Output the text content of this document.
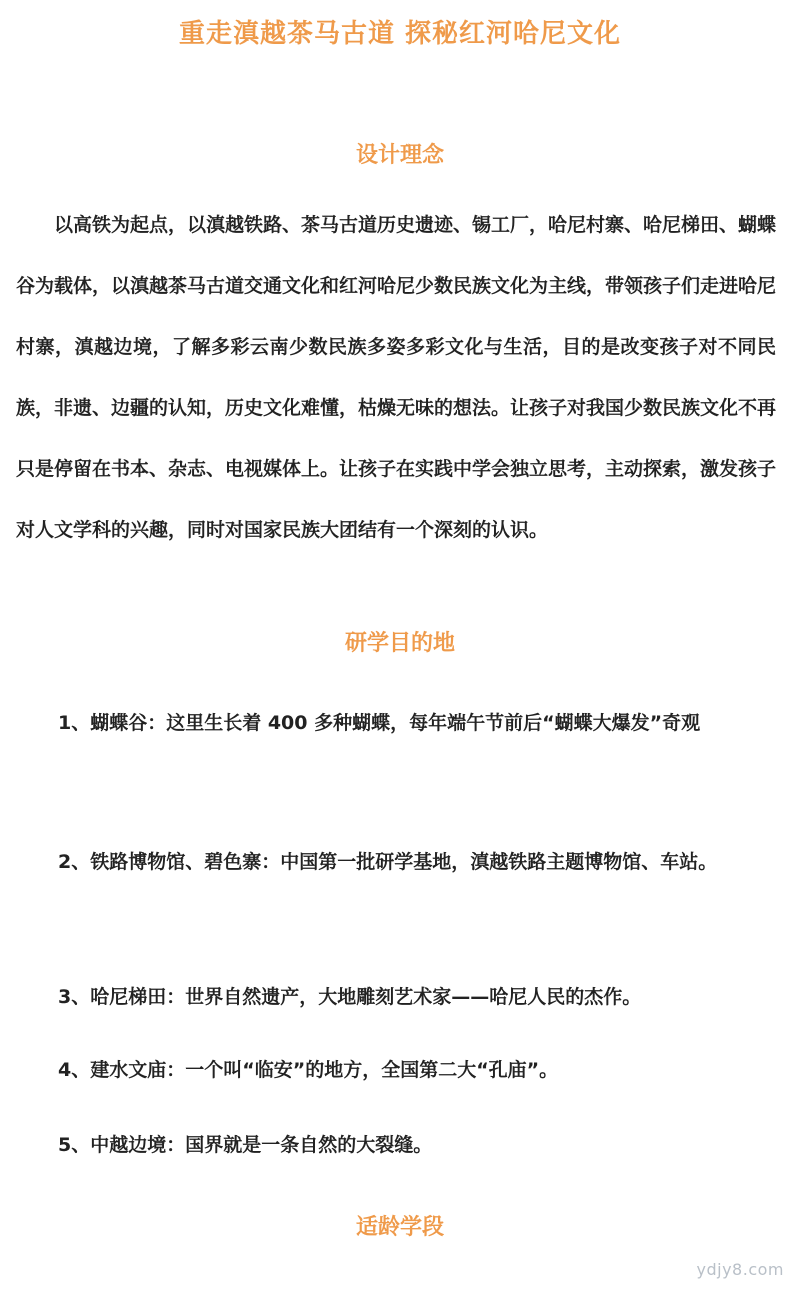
重走滇越茶马古道 探秘红河哈尼文化
设计理念

以高铁为起点，以滇越铁路、茶马古道历史遗迹、锡工厂，哈尼村寨、哈尼梯田、蝴蝶谷为载体，以滇越茶马古道交通文化和红河哈尼少数民族文化为主线，带领孩子们走进哈尼村寨，滇越边境，了解多彩云南少数民族多姿多彩文化与生活，目的是改变孩子对不同民族，非遗、边疆的认知，历史文化难懂，枯燥无味的想法。让孩子对我国少数民族文化不再只是停留在书本、杂志、电视媒体上。让孩子在实践中学会独立思考，主动探索，激发孩子对人文学科的兴趣，同时对国家民族大团结有一个深刻的认识。

研学目的地
1、蝴蝶谷：这里生长着 400 多种蝴蝶，每年端午节前后“蝴蝶大爆发”奇观
2、铁路博物馆、碧色寨：中国第一批研学基地，滇越铁路主题博物馆、车站。
3、哈尼梯田：世界自然遗产，大地雕刻艺术家——哈尼人民的杰作。
4、建水文庙：一个叫“临安”的地方，全国第二大“孔庙”。
5、中越边境：国界就是一条自然的大裂缝。
适龄学段
ydjy8.com
